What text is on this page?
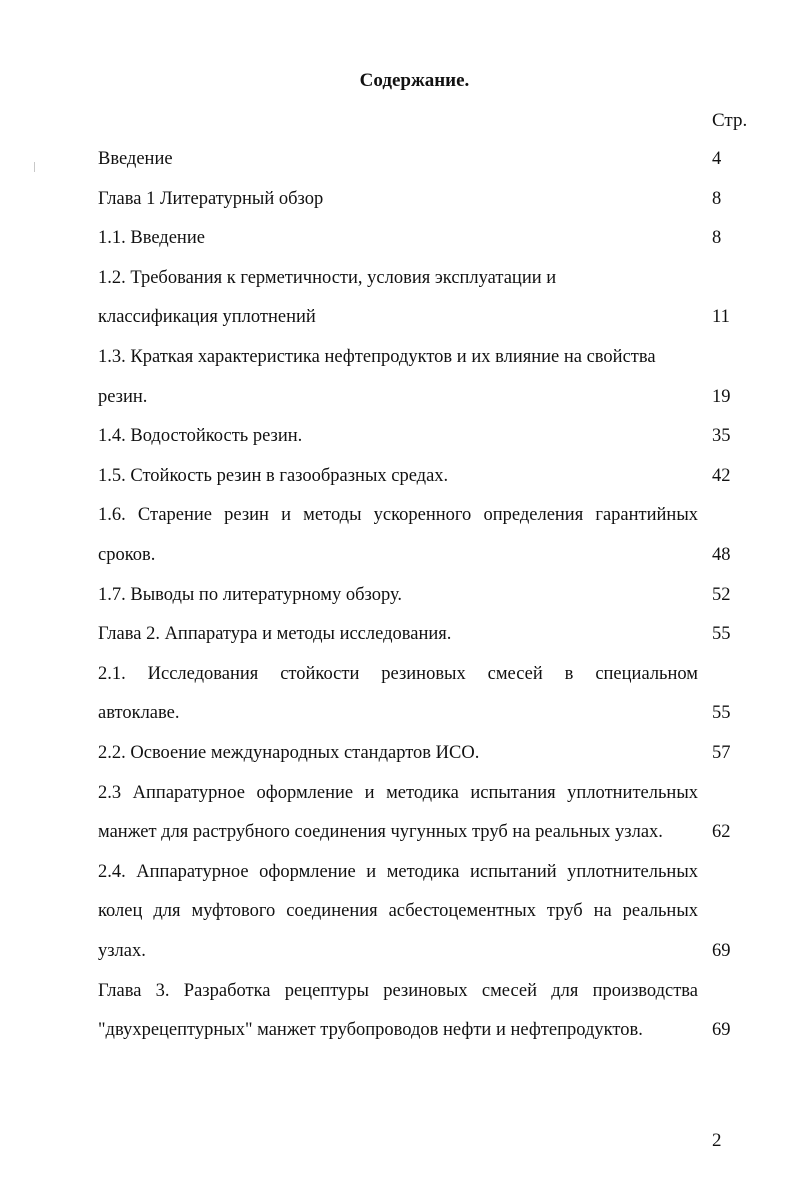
Содержание.
Стр.
Введение	4
Глава 1 Литературный обзор	8
1.1. Введение	8
1.2. Требования к герметичности, условия эксплуатации и
классификация уплотнений	11
1.3. Краткая характеристика нефтепродуктов и их влияние на свойства
резин.	19
1.4. Водостойкость резин.	35
1.5. Стойкость резин в газообразных средах.	42
1.6. Старение резин и методы ускоренного определения гарантийных
сроков.	48
1.7. Выводы по литературному обзору.	52
Глава 2. Аппаратура и методы исследования.	55
2.1. Исследования стойкости резиновых смесей в специальном
автоклаве.	55
2.2. Освоение международных стандартов ИСО.	57
2.3 Аппаратурное оформление и методика испытания уплотнительных
манжет для раструбного соединения чугунных труб на реальных узлах.	62
2.4. Аппаратурное оформление и методика испытаний уплотнительных
колец для муфтового соединения асбестоцементных труб на реальных
узлах.	69
Глава 3. Разработка рецептуры резиновых смесей для производства
"двухрецептурных" манжет трубопроводов нефти и нефтепродуктов.	69
2
